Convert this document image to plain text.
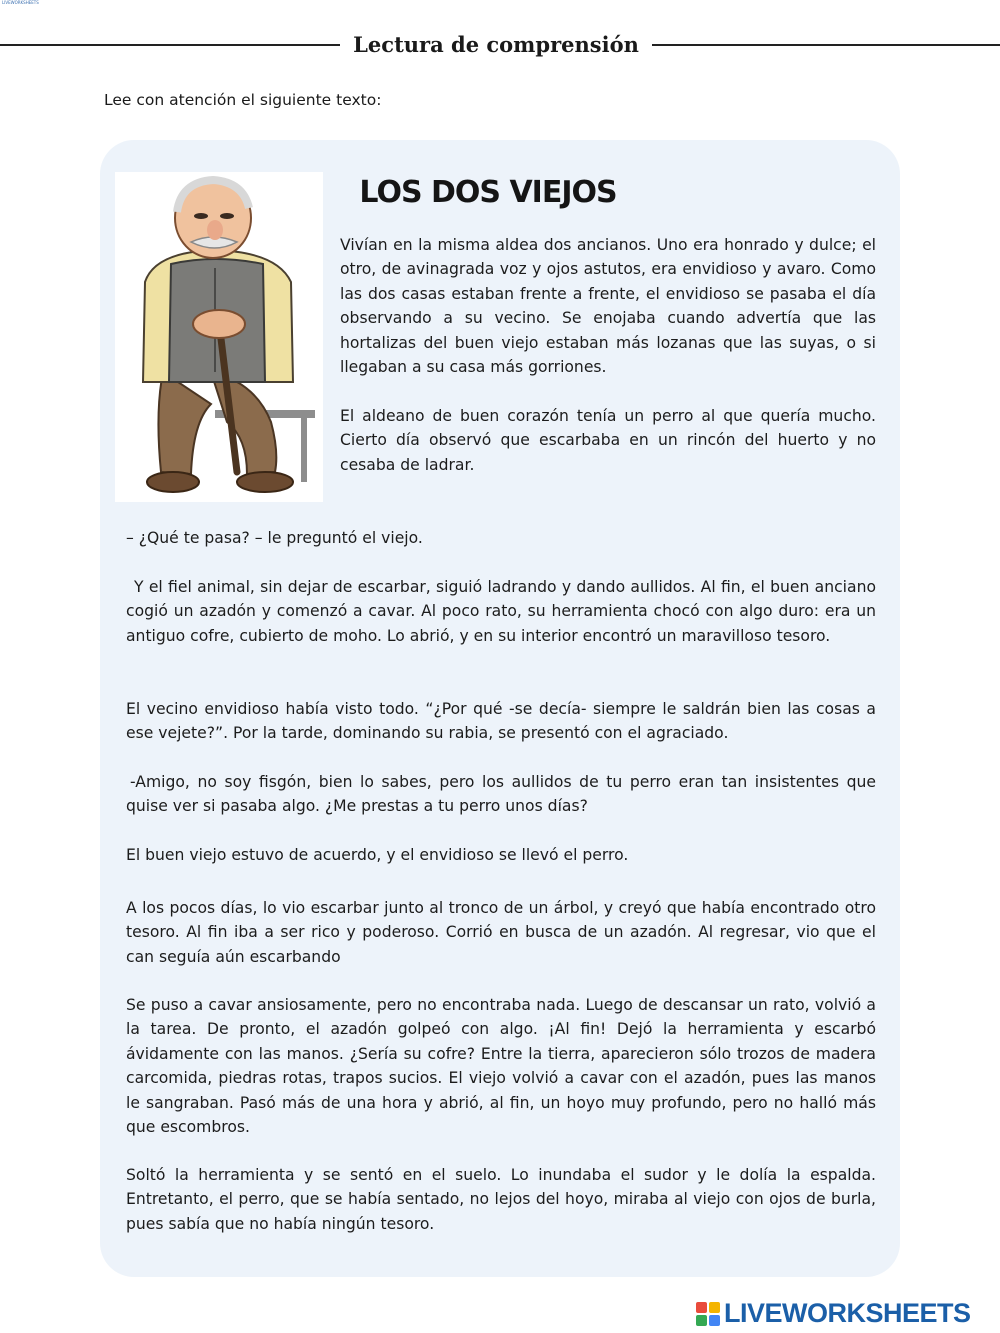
LIVEWORKSHEETS
Lectura de comprensión
Lee con atención el siguiente texto:
LOS DOS VIEJOS

Vivían en la misma aldea dos ancianos. Uno era honrado y dulce; el otro, de avinagrada voz y ojos astutos, era envidioso y avaro. Como las dos casas estaban frente a frente, el envidioso se pasaba el día observando a su vecino. Se enojaba cuando advertía que las hortalizas del buen viejo estaban más lozanas que las suyas, o si llegaban a su casa más gorriones.

El aldeano de buen corazón tenía un perro al que quería mucho. Cierto día observó que escarbaba en un rincón del huerto y no cesaba de ladrar.

– ¿Qué te pasa? – le preguntó el viejo.

Y el fiel animal, sin dejar de escarbar, siguió ladrando y dando aullidos. Al fin, el buen anciano cogió un azadón y comenzó a cavar. Al poco rato, su herramienta chocó con algo duro: era un antiguo cofre, cubierto de moho. Lo abrió, y en su interior encontró un maravilloso tesoro.

El vecino envidioso había visto todo. “¿Por qué -se decía- siempre le saldrán bien las cosas a ese vejete?”. Por la tarde, dominando su rabia, se presentó con el agraciado.

-Amigo, no soy fisgón, bien lo sabes, pero los aullidos de tu perro eran tan insistentes que quise ver si pasaba algo. ¿Me prestas a tu perro unos días?

El buen viejo estuvo de acuerdo, y el envidioso se llevó el perro.

A los pocos días, lo vio escarbar junto al tronco de un árbol, y creyó que había encontrado otro tesoro. Al fin iba a ser rico y poderoso. Corrió en busca de un azadón. Al regresar, vio que el can seguía aún escarbando

Se puso a cavar ansiosamente, pero no encontraba nada. Luego de descansar un rato, volvió a la tarea. De pronto, el azadón golpeó con algo. ¡Al fin! Dejó la herramienta y escarbó ávidamente con las manos. ¿Sería su cofre? Entre la tierra, aparecieron sólo trozos de madera carcomida, piedras rotas, trapos sucios. El viejo volvió a cavar con el azadón, pues las manos le sangraban. Pasó más de una hora y abrió, al fin, un hoyo muy profundo, pero no halló más que escombros.

Soltó la herramienta y se sentó en el suelo. Lo inundaba el sudor y le dolía la espalda. Entretanto, el perro, que se había sentado, no lejos del hoyo, miraba al viejo con ojos de burla, pues sabía que no había ningún tesoro.

LIVEWORKSHEETS
